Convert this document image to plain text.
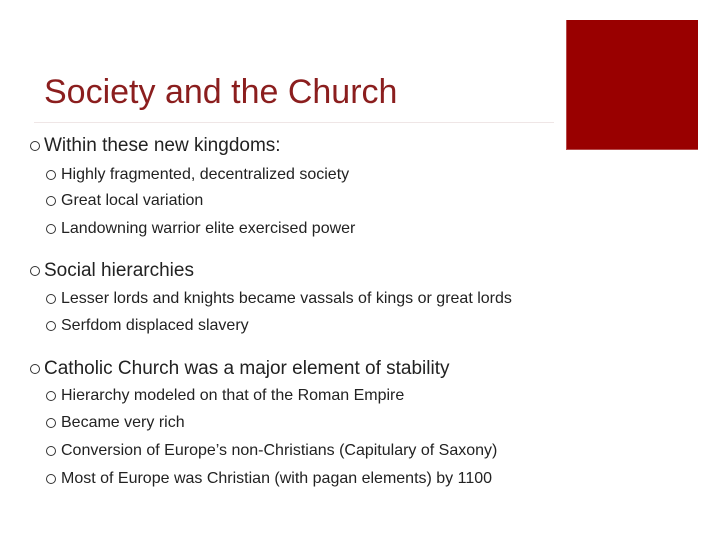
Society and the Church
Within these new kingdoms:
Highly fragmented, decentralized society
Great local variation
Landowning warrior elite exercised power
Social hierarchies
Lesser lords and knights became vassals of kings or great lords
Serfdom displaced slavery
Catholic Church was a major element of stability
Hierarchy modeled on that of the Roman Empire
Became very rich
Conversion of Europe’s non-Christians (Capitulary of Saxony)
Most of Europe was Christian (with pagan elements) by 1100
